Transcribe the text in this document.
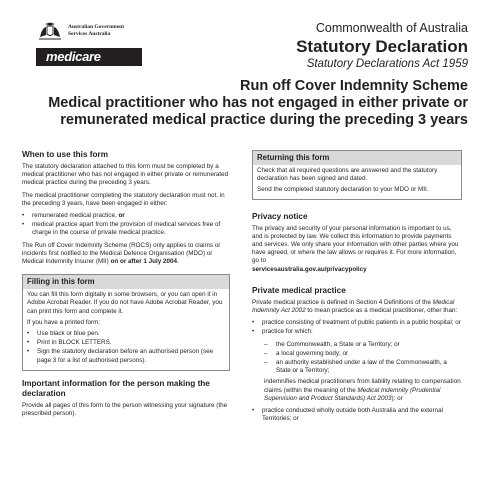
Australian Government
Services Australia
medicare
Commonwealth of Australia
Statutory Declaration
Statutory Declarations Act 1959
Run off Cover Indemnity Scheme
Medical practitioner who has not engaged in either private or
remunerated medical practice during the preceding 3 years
When to use this form

The statutory declaration attached to this form must be completed by a medical practitioner who has not engaged in either private or remunerated medical practice during the preceding 3 years.

The medical practitioner completing the statutory declaration must not, in the preceding 3 years, have been engaged in either:

• remunerated medical practice, or
• medical practice apart from the provision of medical services free of charge in the course of private medical practice.

The Run off Cover Indemnity Scheme (ROCS) only applies to claims or incidents first notified to the Medical Defence Organisation (MDO) or Medical Indemnity Insurer (MII) on or after 1 July 2004.

Filling in this form

You can fill this form digitally in some browsers, or you can open it in Adobe Acrobat Reader. If you do not have Adobe Acrobat Reader, you can print this form and complete it.

If you have a printed form:

• Use black or blue pen.
• Print in BLOCK LETTERS.
• Sign the statutory declaration before an authorised person (see page 3 for a list of authorised persons).
Important information for the person making the declaration

Provide all pages of this form to the person witnessing your signature (the prescribed person).

Returning this form

Check that all required questions are answered and the statutory declaration has been signed and dated.

Send the completed statutory declaration to your MDO or MII.

Privacy notice

The privacy and security of your personal information is important to us, and is protected by law. We collect this information to provide payments and services. We only share your information with other parties where you have agreed, or where the law allows or requires it. For more information, go to
servicesaustralia.gov.au/privacypolicy

Private medical practice

Private medical practice is defined in Section 4 Definitions of the Medical Indemnity Act 2002 to mean practice as a medical practitioner, other than:

• practice consisting of treatment of public patients in a public hospital; or
• practice for which:
– the Commonwealth, a State or a Territory; or
– a local governing body; or
– an authority established under a law of the Commonwealth, a State or a Territory;

indemnifies medical practitioners from liability relating to compensation claims (within the meaning of the Medical Indemnity (Prudential Supervision and Product Standards) Act 2003); or

• practice conducted wholly outside both Australia and the external Territories; or
